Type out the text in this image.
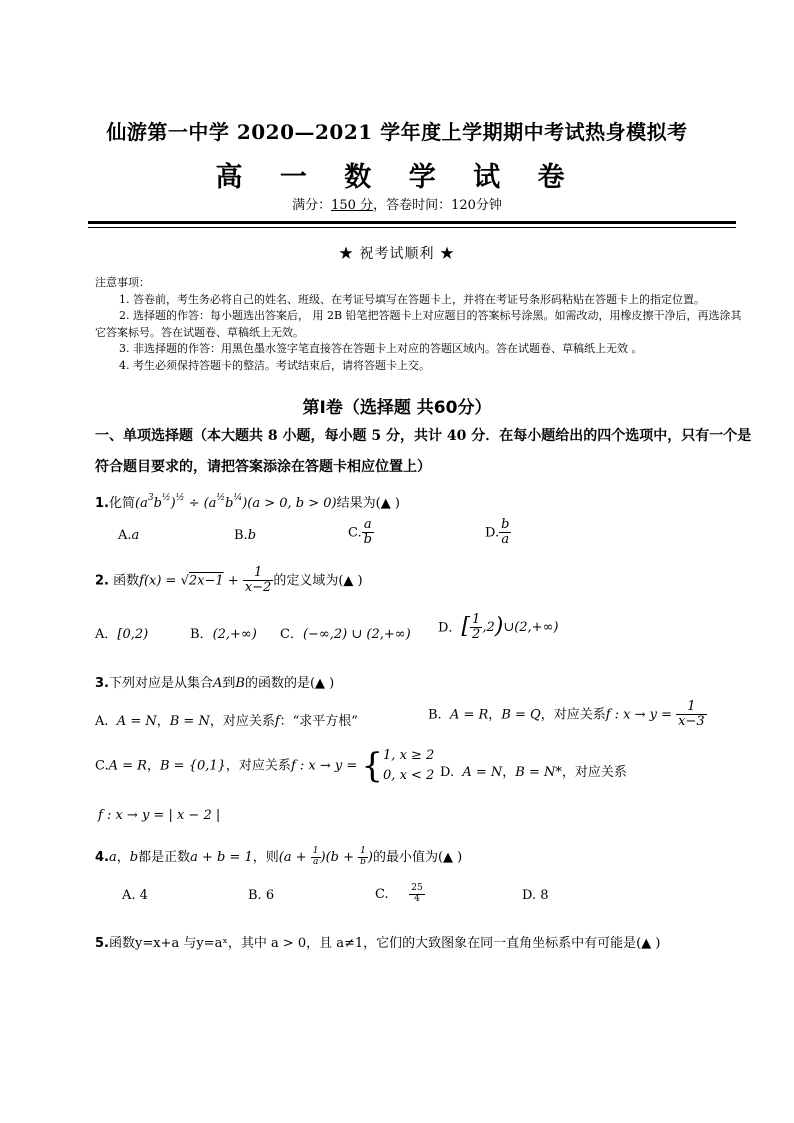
仙游第一中学 2020—2021 学年度上学期期中考试热身模拟考
高 一 数 学 试 卷
满分：150 分，答卷时间：120分钟
★ 祝考试顺利 ★

注意事项：

1. 答卷前，考生务必将自己的姓名、班级、在考证号填写在答题卡上，并将在考证号条形码粘贴在答题卡上的指定位置。

2. 选择题的作答：每小题选出答案后， 用 2B 铅笔把答题卡上对应题目的答案标号涂黑。如需改动，用橡皮擦干净后，再选涂其它答案标号。答在试题卷、草稿纸上无效。

3. 非选择题的作答：用黑色墨水签字笔直接答在答题卡上对应的答题区域内。答在试题卷、草稿纸上无效 。

4. 考生必须保持答题卡的整洁。考试结束后，请将答题卡上交。

第Ⅰ卷（选择题 共60分）
一、单项选择题（本大题共 8 小题，每小题 5 分，共计 40 分．在每小题给出的四个选项中，只有一个是
符合题目要求的，请把答案添涂在答题卡相应位置上）
1.化简$(a^3b^{\frac{1}{2}})^{\frac{1}{2}} \div (a^{\frac{1}{2}}b^{\frac{1}{4}})(a > 0$, b > 0)结果为(▲ )
A.a	B.b	C. $\frac{a}{b}$	D. $\frac{b}{a}$
2. 函数$f(x) = √2x-1 + \frac{1}{x-2}$ 的定义域为(▲ )
A．[0,2)	B．(2,+∞) C．(−∞,2) ∪ (2,+∞) D．[ $\frac{1}{2}$ ,2)∪(2,+∞)
3.下列对应是从集合A到B的函数的是(▲ )
A. A = N，B = N，对应关系f：“求平方根”	B. A = R，B = Q，对应关系f : $x \to y = \frac{1}{x-3}$
C.A = R，B = {0,1}，对应关系f : x → y = { 1, x ≥ 2
0, x < 2 D. A = N，B = N*，对应关系
f : x → y = | x − 2 |
4.a，b都是正数a + b = 1，则$(a + \frac{1}{a} )(b + \frac{1}{b}$ )的最小值为(▲ )
A. 4	B. 6	C. $\frac{25}{4}$	D. 8
5.函数y=x+a 与y=aˣ，其中 a > 0，且 a≠1，它们的大致图象在同一直角坐标系中有可能是(▲ )
